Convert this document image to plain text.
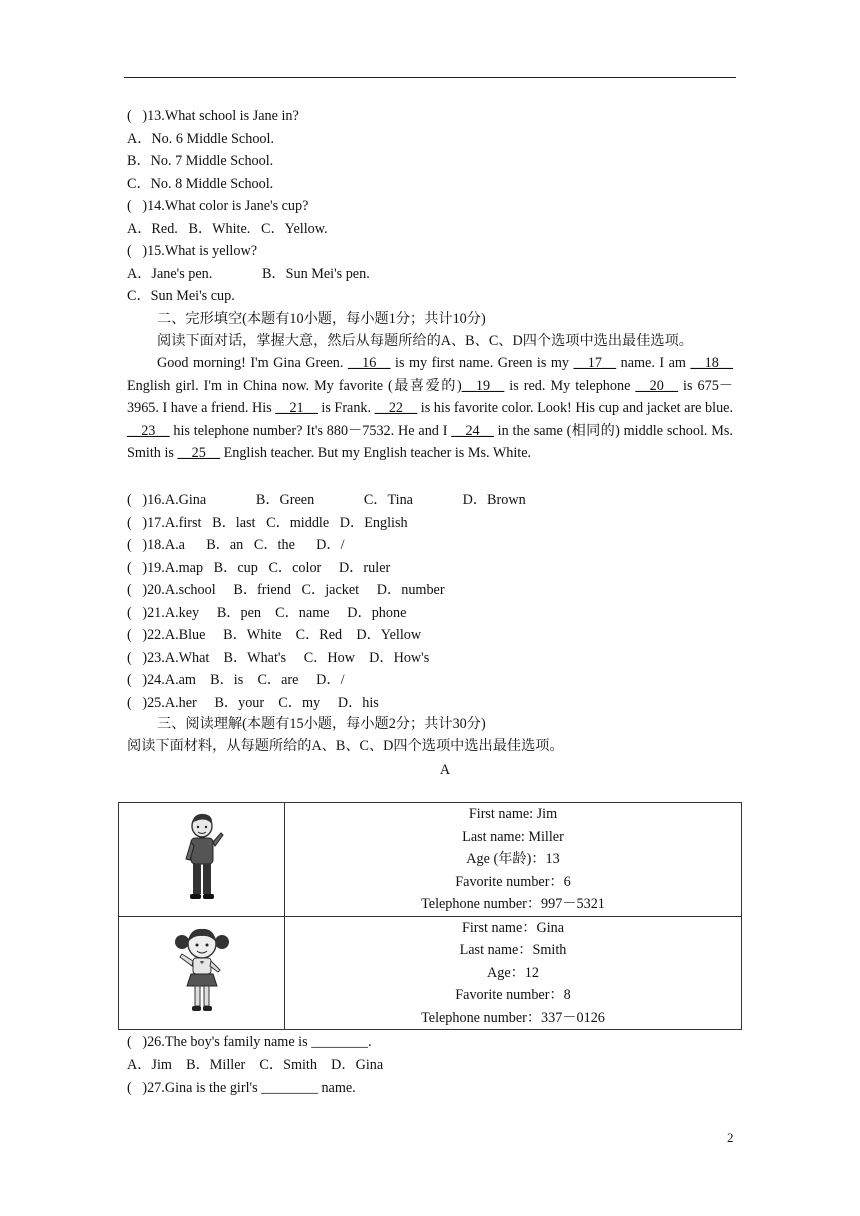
(   )13.What school is Jane in?
A．No. 6 Middle School.
B．No. 7 Middle School.
C．No. 8 Middle School.
(   )14.What color is Jane's cup?
A．Red.   B．White.   C．Yellow.
(   )15.What is yellow?
A．Jane's pen.              B．Sun Mei's pen.
C．Sun Mei's cup.
二、完形填空(本题有10小题，每小题1分；共计10分)
阅读下面对话，掌握大意，然后从每题所给的A、B、C、D四个选项中选出最佳选项。

Good morning! I'm Gina Green. __16__ is my first name. Green is my __17__ name. I am __18__ English girl. I'm in China now. My favorite (最喜爱的)__19__ is red. My telephone __20__ is 675－3965. I have a friend. His __21__ is Frank. __22__ is his favorite color. Look! His cup and jacket are blue. __23__ his telephone number? It's 880－7532. He and I __24__ in the same (相同的) middle school. Ms. Smith is __25__ English teacher. But my English teacher is Ms. White.

(   )16.A.Gina              B．Green              C．Tina              D．Brown
(   )17.A.first   B．last   C．middle   D．English
(   )18.A.a      B．an   C．the      D．/
(   )19.A.map   B．cup   C．color     D．ruler
(   )20.A.school     B．friend   C．jacket     D．number
(   )21.A.key     B．pen    C．name     D．phone
(   )22.A.Blue     B．White    C．Red    D．Yellow
(   )23.A.What    B．What's     C．How    D．How's
(   )24.A.am    B．is    C．are     D．/
(   )25.A.her     B．your    C．my     D．his
三、阅读理解(本题有15小题，每小题2分；共计30分)
阅读下面材料，从每题所给的A、B、C、D四个选项中选出最佳选项。
A

First name: Jim
Last name: Miller
Age (年龄)：13
Favorite number：6
Telephone number：997－5321

First name：Gina
Last name：Smith
Age：12
Favorite number：8
Telephone number：337－0126
(   )26.The boy's family name is ________.
A．Jim    B．Miller    C．Smith    D．Gina
(   )27.Gina is the girl's ________ name.
2
